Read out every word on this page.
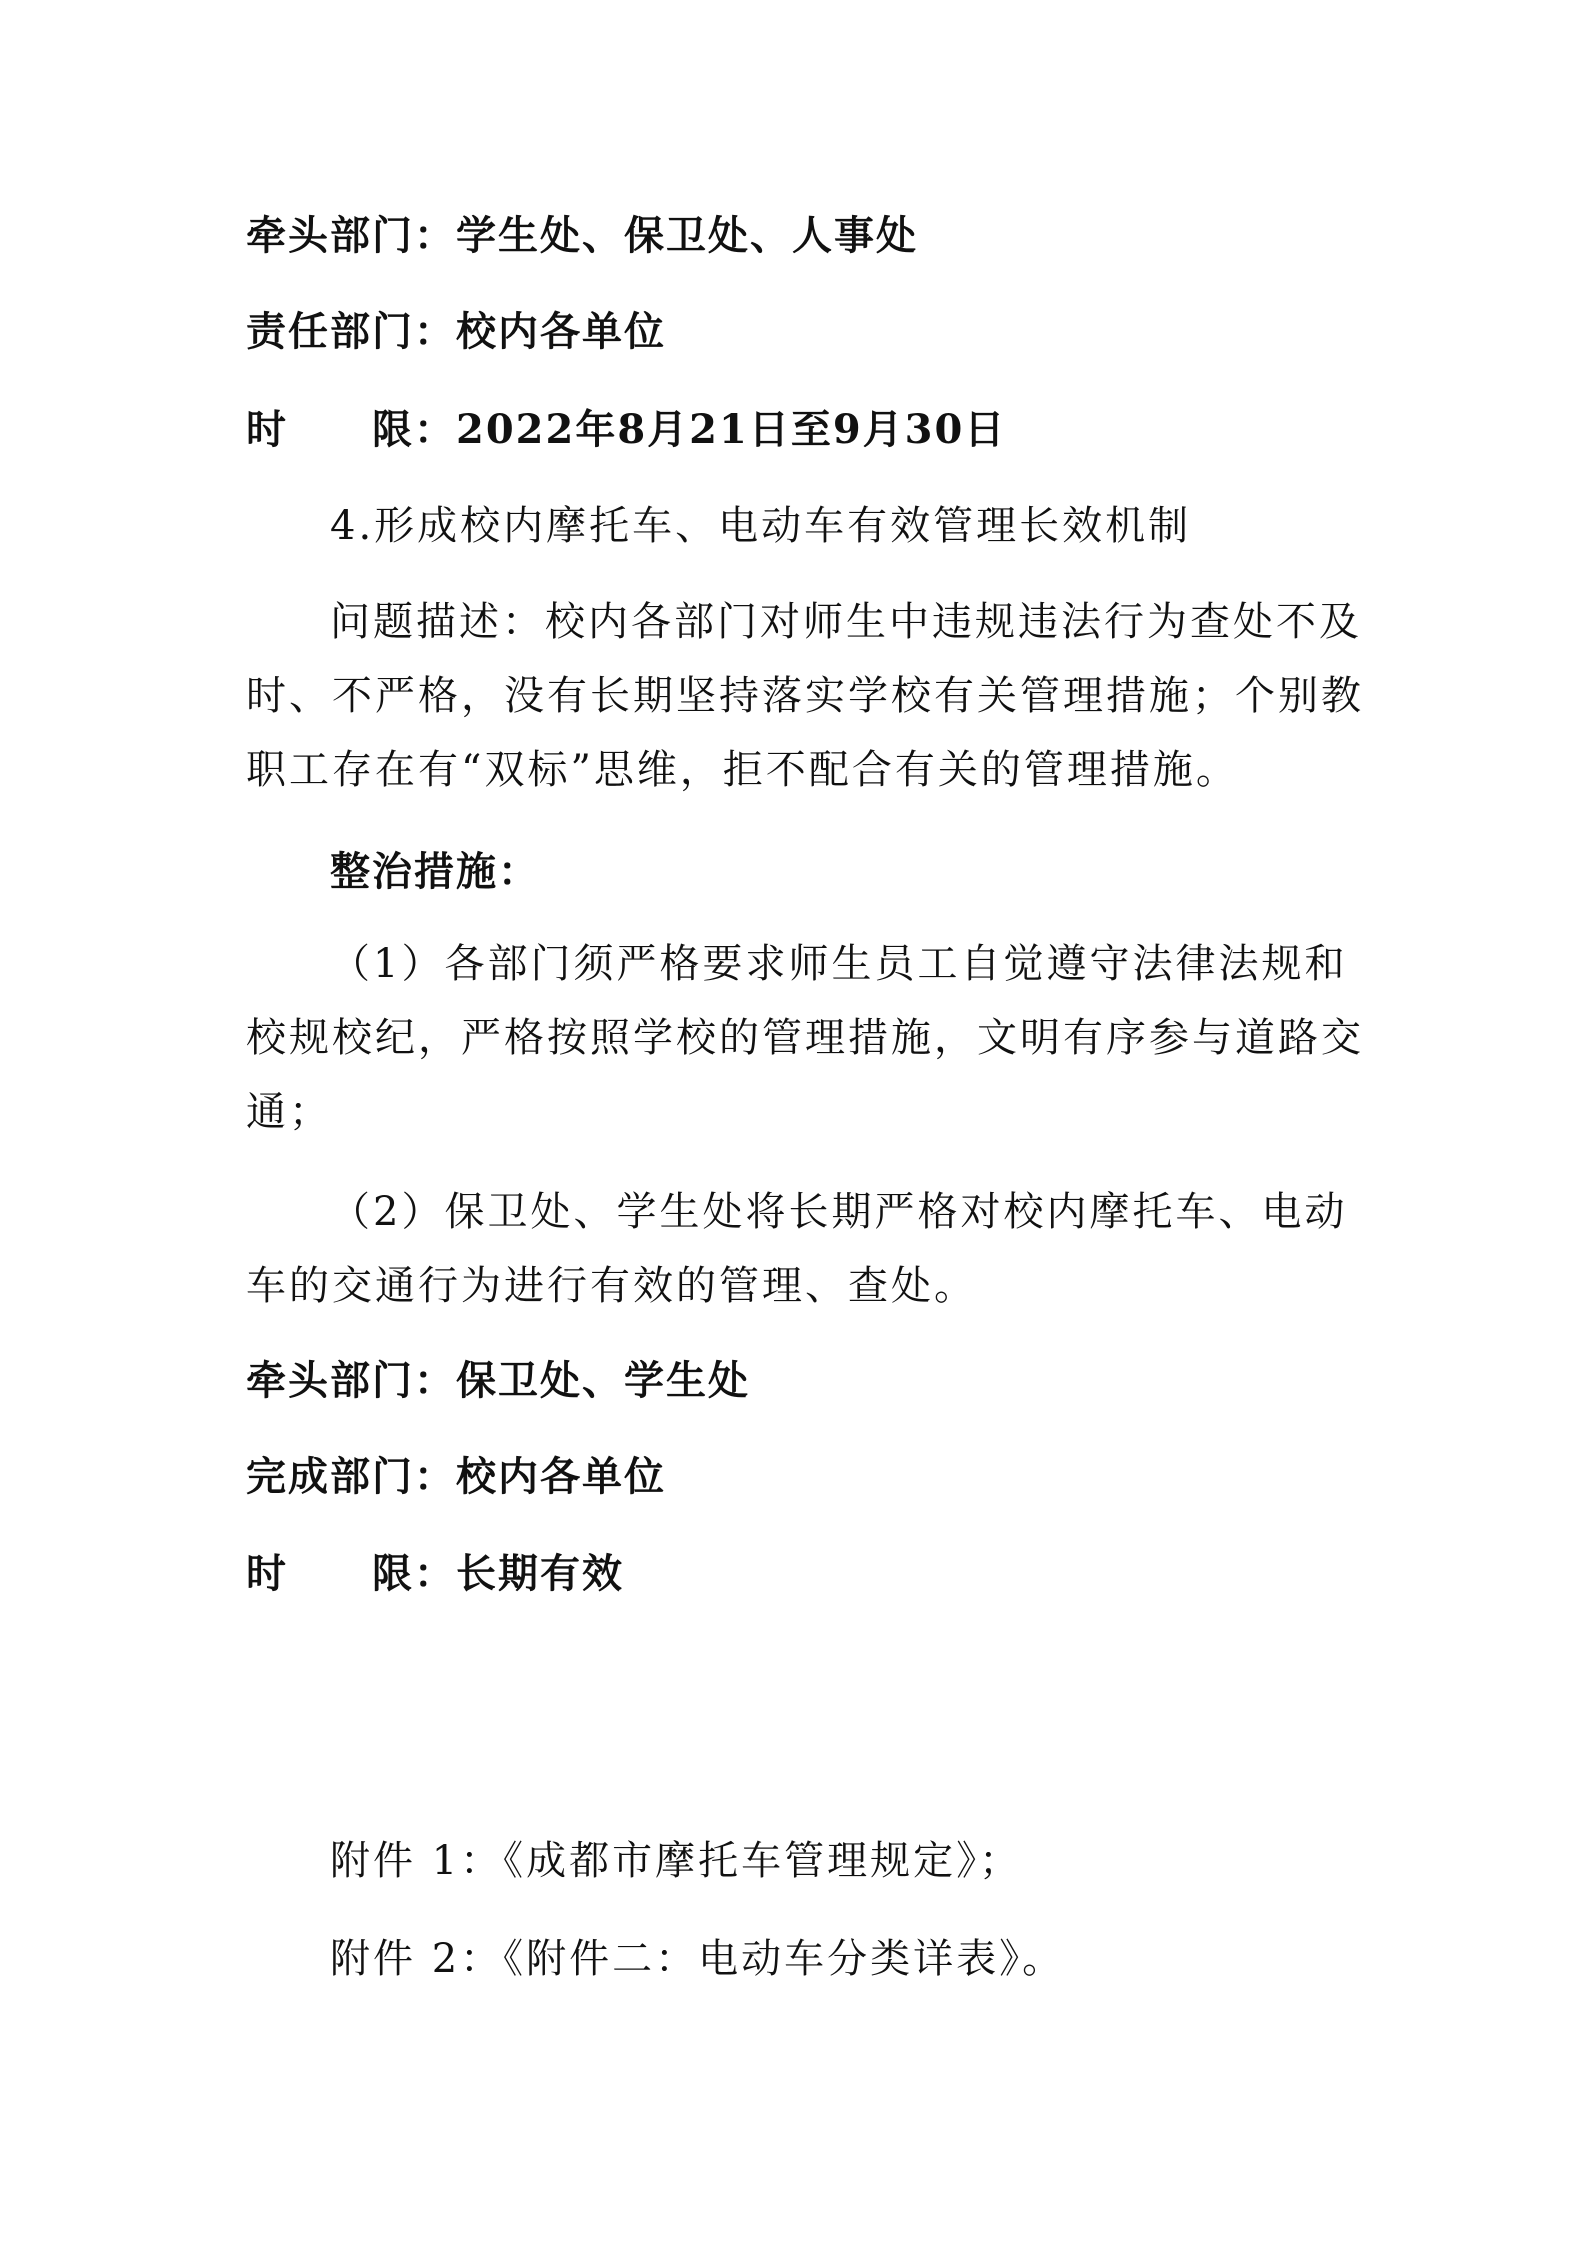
牵头部门：学生处、保卫处、人事处

责任部门：校内各单位

时 限：2022年8月21日至9月30日

4.形成校内摩托车、电动车有效管理长效机制

问题描述：校内各部门对师生中违规违法行为查处不及
时、不严格，没有长期坚持落实学校有关管理措施；个别教
职工存在有“双标”思维，拒不配合有关的管理措施。

整治措施：

（1）各部门须严格要求师生员工自觉遵守法律法规和
校规校纪，严格按照学校的管理措施，文明有序参与道路交
通；
（2）保卫处、学生处将长期严格对校内摩托车、电动
车的交通行为进行有效的管理、查处。

牵头部门：保卫处、学生处

完成部门：校内各单位

时 限：长期有效

附件 1：《成都市摩托车管理规定》；

附件 2：《附件二：电动车分类详表》。
